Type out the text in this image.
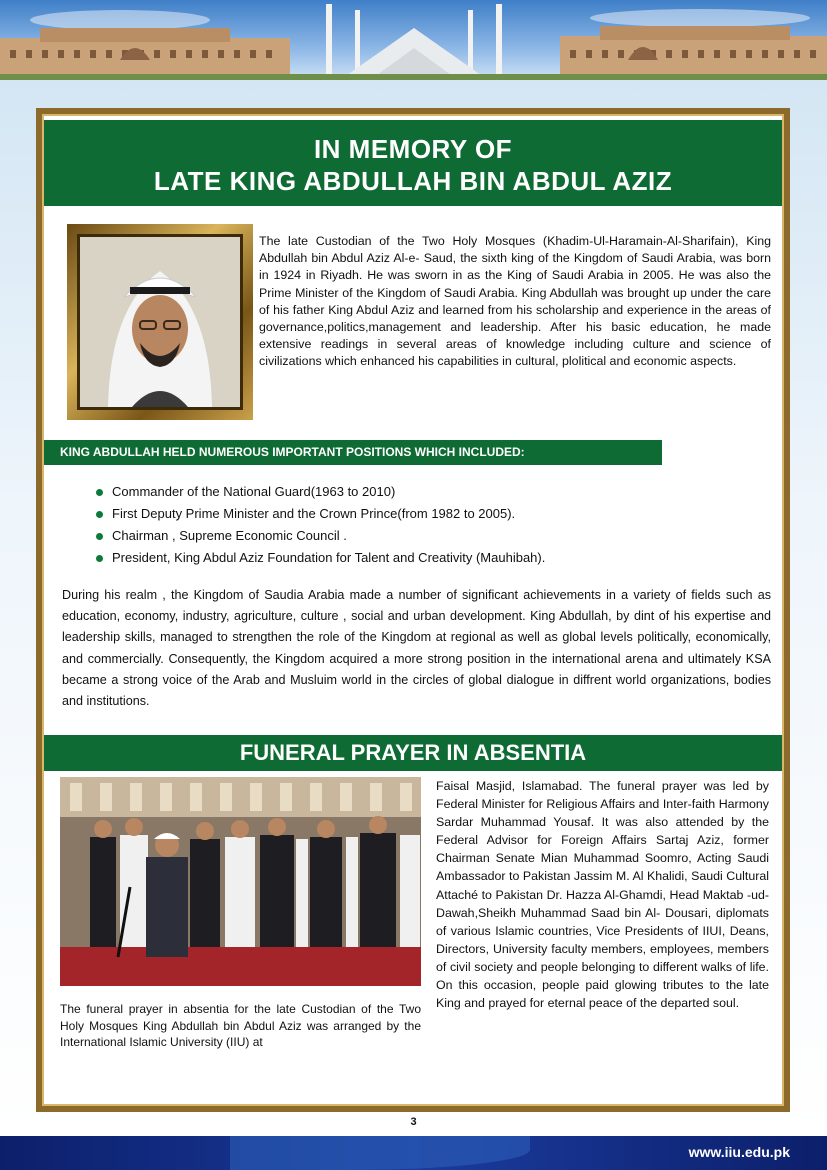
IN MEMORY OF
LATE KING ABDULLAH BIN ABDUL AZIZ
The late Custodian of the Two Holy Mosques (Khadim-Ul-Haramain-Al-Sharifain), King Abdullah bin Abdul Aziz Al-e- Saud, the sixth king of the Kingdom of Saudi Arabia, was born in 1924 in Riyadh. He was sworn in as the King of Saudi Arabia in 2005. He was also the Prime Minister of the Kingdom of Saudi Arabia. King Abdullah was brought up under the care of his father King Abdul Aziz and learned from his scholarship and experience in the areas of governance,politics,management and leadership. After his basic education, he made extensive readings in several areas of knowledge including culture and science of civilizations which enhanced his capabilities in cultural, plolitical and economic aspects.
KING ABDULLAH HELD NUMEROUS IMPORTANT POSITIONS WHICH INCLUDED:
Commander of the National Guard(1963 to 2010)
First Deputy Prime Minister and the Crown Prince(from 1982 to 2005).
Chairman , Supreme Economic Council .
President, King Abdul Aziz Foundation for Talent and Creativity (Mauhibah).
During his realm , the Kingdom of Saudia Arabia made a number of significant achievements in a variety of fields such as education, economy, industry, agriculture, culture , social and urban development. King Abdullah, by dint of his expertise and leadership skills, managed to strengthen the role of the Kingdom at regional as well as global levels politically, economically, and commercially. Consequently, the Kingdom acquired a more strong position in the international arena and ultimately KSA became a strong voice of the Arab and Musluim world in the circles of global dialogue in diffrent world organizations, bodies and institutions.
FUNERAL PRAYER IN ABSENTIA
The funeral prayer in absentia for the late Custodian of the Two Holy Mosques King Abdullah bin Abdul Aziz was arranged by the International Islamic University (IIU) at
Faisal Masjid, Islamabad. The funeral prayer was led by Federal Minister for Religious Affairs and Inter-faith Harmony Sardar Muhammad Yousaf. It was also attended by the Federal Advisor for Foreign Affairs Sartaj Aziz, former Chairman Senate Mian Muhammad Soomro, Acting Saudi Ambassador to Pakistan Jassim M. Al Khalidi, Saudi Cultural Attaché to Pakistan Dr. Hazza Al-Ghamdi, Head Maktab -ud-Dawah,Sheikh Muhammad Saad bin Al- Dousari, diplomats of various Islamic countries, Vice Presidents of IIUI, Deans, Directors, University faculty members, employees, members of civil society and people belonging to different walks of life. On this occasion, people paid glowing tributes to the late King and prayed for eternal peace of the departed soul.
3
www.iiu.edu.pk
